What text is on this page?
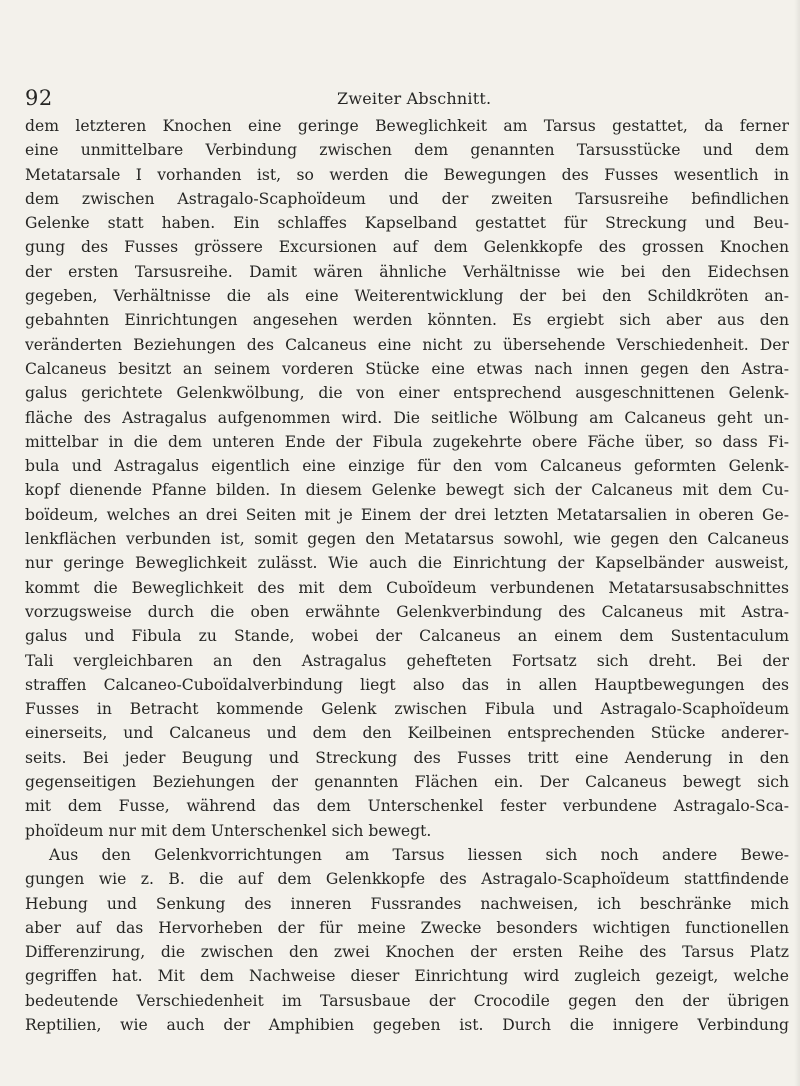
92	Zweiter Abschnitt.
dem letzteren Knochen eine geringe Beweglichkeit am Tarsus gestattet, da ferner
eine unmittelbare Verbindung zwischen dem genannten Tarsusstücke und dem
Metatarsale I vorhanden ist, so werden die Bewegungen des Fusses wesentlich in
dem zwischen Astragalo-Scaphoïdeum und der zweiten Tarsusreihe befindlichen
Gelenke statt haben. Ein schlaffes Kapselband gestattet für Streckung und Beu-
gung des Fusses grössere Excursionen auf dem Gelenkkopfe des grossen Knochen
der ersten Tarsusreihe. Damit wären ähnliche Verhältnisse wie bei den Eidechsen
gegeben, Verhältnisse die als eine Weiterentwicklung der bei den Schildkröten an-
gebahnten Einrichtungen angesehen werden könnten. Es ergiebt sich aber aus den
veränderten Beziehungen des Calcaneus eine nicht zu übersehende Verschiedenheit. Der
Calcaneus besitzt an seinem vorderen Stücke eine etwas nach innen gegen den Astra-
galus gerichtete Gelenkwölbung, die von einer entsprechend ausgeschnittenen Gelenk-
fläche des Astragalus aufgenommen wird. Die seitliche Wölbung am Calcaneus geht un-
mittelbar in die dem unteren Ende der Fibula zugekehrte obere Fäche über, so dass Fi-
bula und Astragalus eigentlich eine einzige für den vom Calcaneus geformten Gelenk-
kopf dienende Pfanne bilden. In diesem Gelenke bewegt sich der Calcaneus mit dem Cu-
boïdeum, welches an drei Seiten mit je Einem der drei letzten Metatarsalien in oberen Ge-
lenkflächen verbunden ist, somit gegen den Metatarsus sowohl, wie gegen den Calcaneus
nur geringe Beweglichkeit zulässt. Wie auch die Einrichtung der Kapselbänder ausweist,
kommt die Beweglichkeit des mit dem Cuboïdeum verbundenen Metatarsusabschnittes
vorzugsweise durch die oben erwähnte Gelenkverbindung des Calcaneus mit Astra-
galus und Fibula zu Stande, wobei der Calcaneus an einem dem Sustentaculum
Tali vergleichbaren an den Astragalus gehefteten Fortsatz sich dreht. Bei der
straffen Calcaneo-Cuboïdalverbindung liegt also das in allen Hauptbewegungen des
Fusses in Betracht kommende Gelenk zwischen Fibula und Astragalo-Scaphoïdeum
einerseits, und Calcaneus und dem den Keilbeinen entsprechenden Stücke anderer-
seits. Bei jeder Beugung und Streckung des Fusses tritt eine Aenderung in den
gegenseitigen Beziehungen der genannten Flächen ein. Der Calcaneus bewegt sich
mit dem Fusse, während das dem Unterschenkel fester verbundene Astragalo-Sca-
phoïdeum nur mit dem Unterschenkel sich bewegt.
Aus den Gelenkvorrichtungen am Tarsus liessen sich noch andere Bewe-
gungen wie z. B. die auf dem Gelenkkopfe des Astragalo-Scaphoïdeum stattfindende
Hebung und Senkung des inneren Fussrandes nachweisen, ich beschränke mich
aber auf das Hervorheben der für meine Zwecke besonders wichtigen functionellen
Differenzirung, die zwischen den zwei Knochen der ersten Reihe des Tarsus Platz
gegriffen hat. Mit dem Nachweise dieser Einrichtung wird zugleich gezeigt, welche
bedeutende Verschiedenheit im Tarsusbaue der Crocodile gegen den der übrigen
Reptilien, wie auch der Amphibien gegeben ist. Durch die innigere Verbindung
